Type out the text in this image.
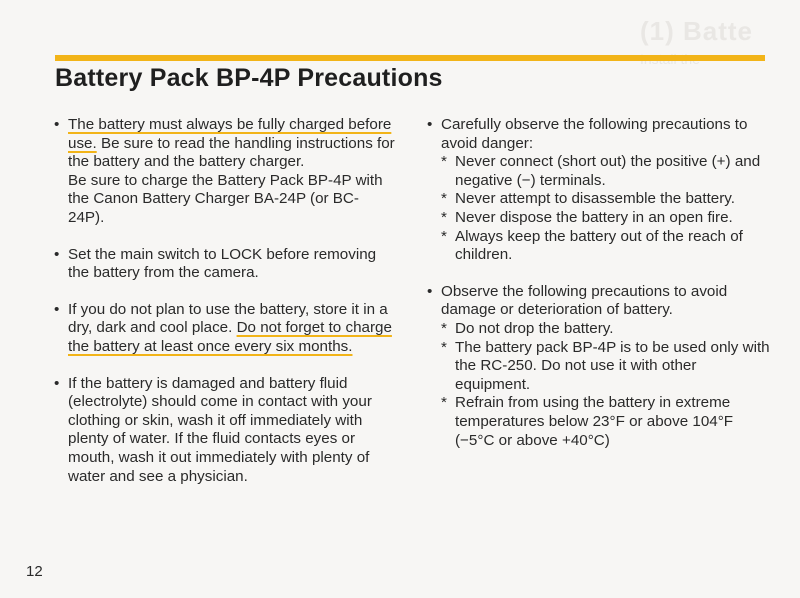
(1) Batte
Battery Pack BP-4P Precautions
• The battery must always be fully charged before use. Be sure to read the handling instructions for the battery and the battery charger.
Be sure to charge the Battery Pack BP-4P with the Canon Battery Charger BA-24P (or BC-24P).
• Set the main switch to LOCK before removing the battery from the camera.
• If you do not plan to use the battery, store it in a dry, dark and cool place. Do not forget to charge the battery at least once every six months.
• If the battery is damaged and battery fluid (electrolyte) should come in contact with your clothing or skin, wash it off immediately with plenty of water. If the fluid contacts eyes or mouth, wash it out immediately with plenty of water and see a physician.
• Carefully observe the following precautions to avoid danger:
* Never connect (short out) the positive (+) and negative (−) terminals.
* Never attempt to disassemble the battery.
* Never dispose the battery in an open fire.
* Always keep the battery out of the reach of children.
• Observe the following precautions to avoid damage or deterioration of battery.
* Do not drop the battery.
* The battery pack BP-4P is to be used only with the RC-250. Do not use it with other equipment.
* Refrain from using the battery in extreme temperatures below 23°F or above 104°F (−5°C or above +40°C)
12
